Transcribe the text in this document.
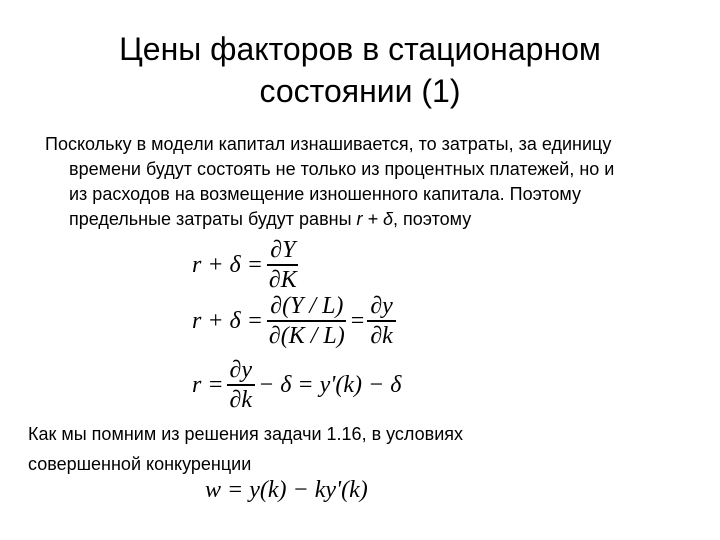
Цены факторов в стационарном
состоянии (1)
Поскольку в модели капитал изнашивается, то затраты, за единицу
времени будут состоять не только из процентных платежей, но и
из расходов на возмещение изношенного капитала. Поэтому
предельные затраты будут равны r + δ, поэтому
$r + \delta = \frac{\partial Y}{\partial K}$
$r + \delta = \frac{\partial(Y / L)}{\partial(K / L)} = \frac{\partial y}{\partial k}$
$r = \frac{\partial y}{\partial k} - \delta = y'(k) - \delta$
Как мы помним из решения задачи 1.16, в условиях
совершенной конкуренции
w = y(k) − ky'(k)
